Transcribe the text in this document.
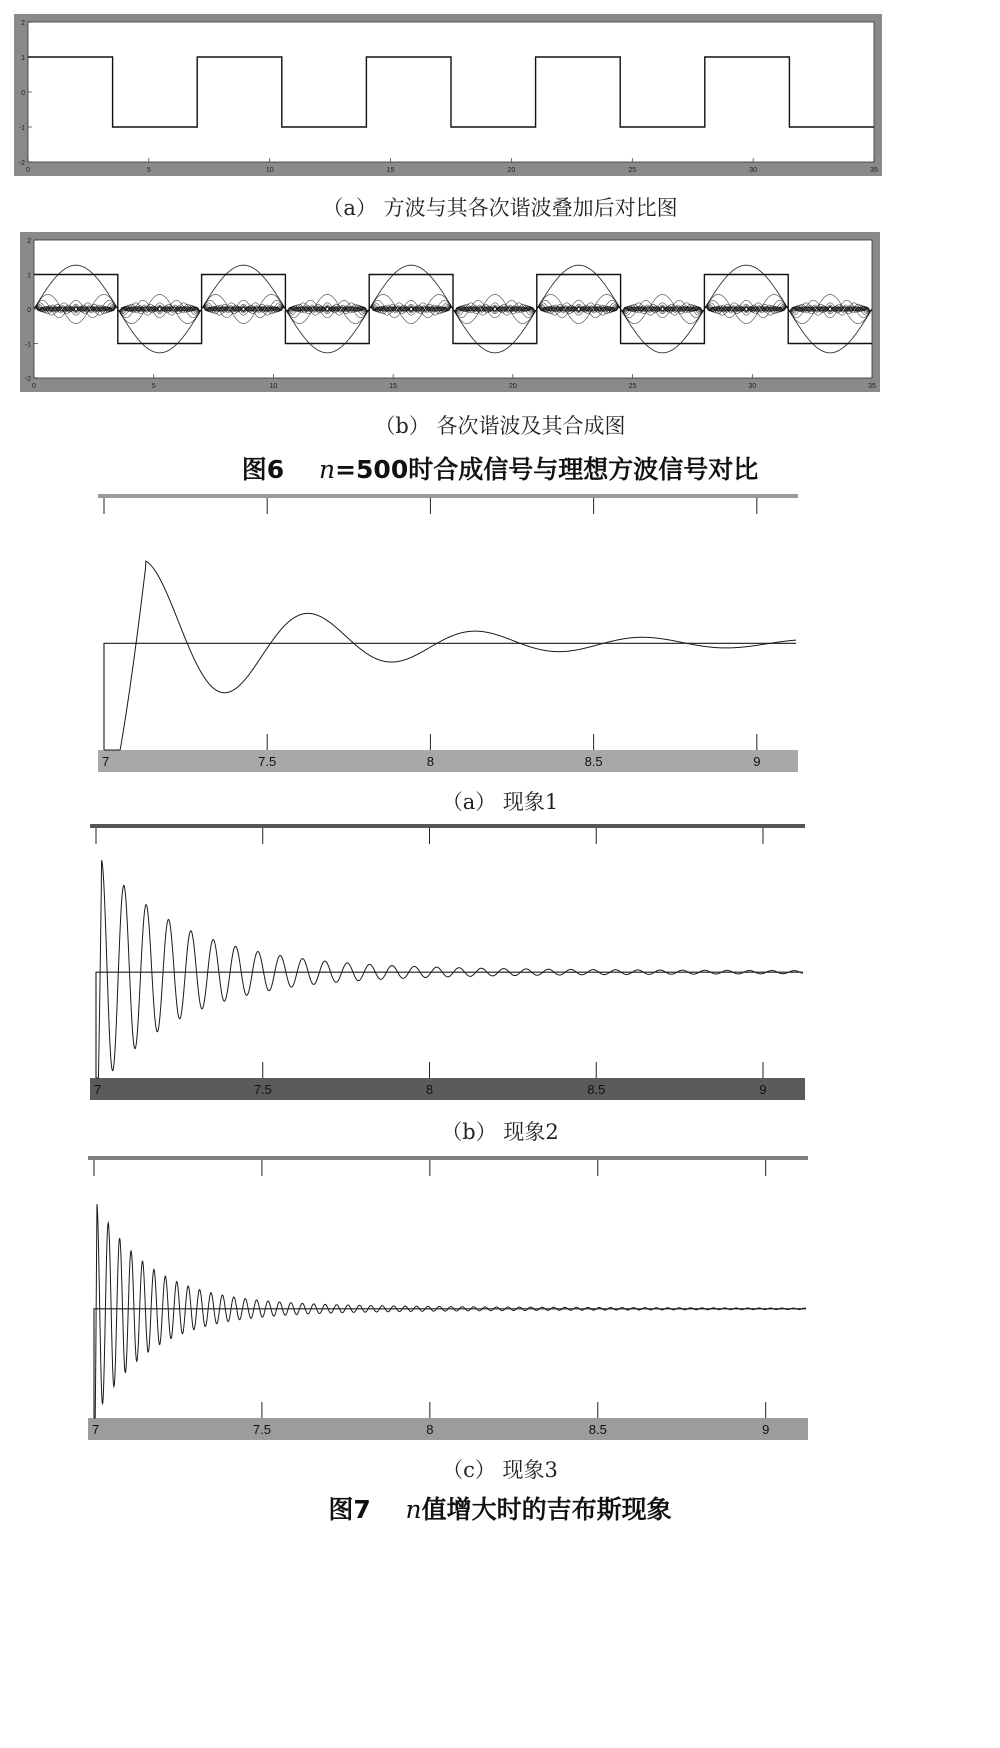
0	5	10	15	20	25	30	35
2
1
0
-1
-2
（a） 方波与其各次谐波叠加后对比图
0	5	10	15	20	25	30	35
2
1
0
-1
-2
（b） 各次谐波及其合成图
图6 n=500时合成信号与理想方波信号对比
7	7.5	8	8.5	9
（a） 现象1
7	7.5	8	8.5	9
（b） 现象2
7	7.5	8	8.5	9
（c） 现象3
图7 n值增大时的吉布斯现象
